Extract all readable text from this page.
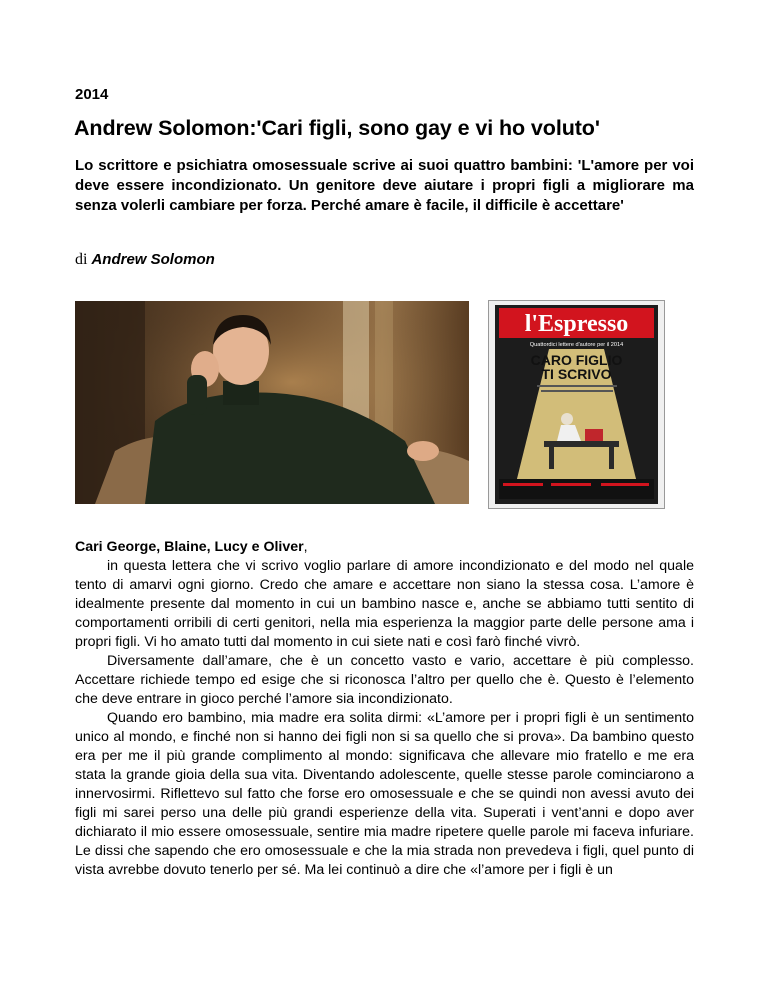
2014
Andrew Solomon:'Cari figli, sono gay e vi ho voluto'
Lo scrittore e psichiatra omosessuale scrive ai suoi quattro bambini: 'L'amore per voi deve essere incondizionato. Un genitore deve aiutare i propri figli a migliorare ma senza volerli cambiare per forza. Perché amare è facile, il difficile è accettare'
di Andrew Solomon
l'Espresso
Quattordici lettere d'autore per il 2014
CARO FIGLIO
TI SCRIVO

Cari George, Blaine, Lucy e Oliver,

in questa lettera che vi scrivo voglio parlare di amore incondizionato e del modo nel quale tento di amarvi ogni giorno. Credo che amare e accettare non siano la stessa cosa. L’amore è idealmente presente dal momento in cui un bambino nasce e, anche se abbiamo tutti sentito di comportamenti orribili di certi genitori, nella mia esperienza la maggior parte delle persone ama i propri figli. Vi ho amato tutti dal momento in cui siete nati e così farò finché vivrò.

Diversamente dall’amare, che è un concetto vasto e vario, accettare è più complesso. Accettare richiede tempo ed esige che si riconosca l’altro per quello che è. Questo è l’elemento che deve entrare in gioco perché l’amore sia incondizionato.

Quando ero bambino, mia madre era solita dirmi: «L’amore per i propri figli è un sentimento unico al mondo, e finché non si hanno dei figli non si sa quello che si prova». Da bambino questo era per me il più grande complimento al mondo: significava che allevare mio fratello e me era stata la grande gioia della sua vita. Diventando adolescente, quelle stesse parole cominciarono a innervosirmi. Riflettevo sul fatto che forse ero omosessuale e che se quindi non avessi avuto dei figli mi sarei perso una delle più grandi esperienze della vita. Superati i vent’anni e dopo aver dichiarato il mio essere omosessuale, sentire mia madre ripetere quelle parole mi faceva infuriare. Le dissi che sapendo che ero omosessuale e che la mia strada non prevedeva i figli, quel punto di vista avrebbe dovuto tenerlo per sé. Ma lei continuò a dire che «l’amore per i figli è un
